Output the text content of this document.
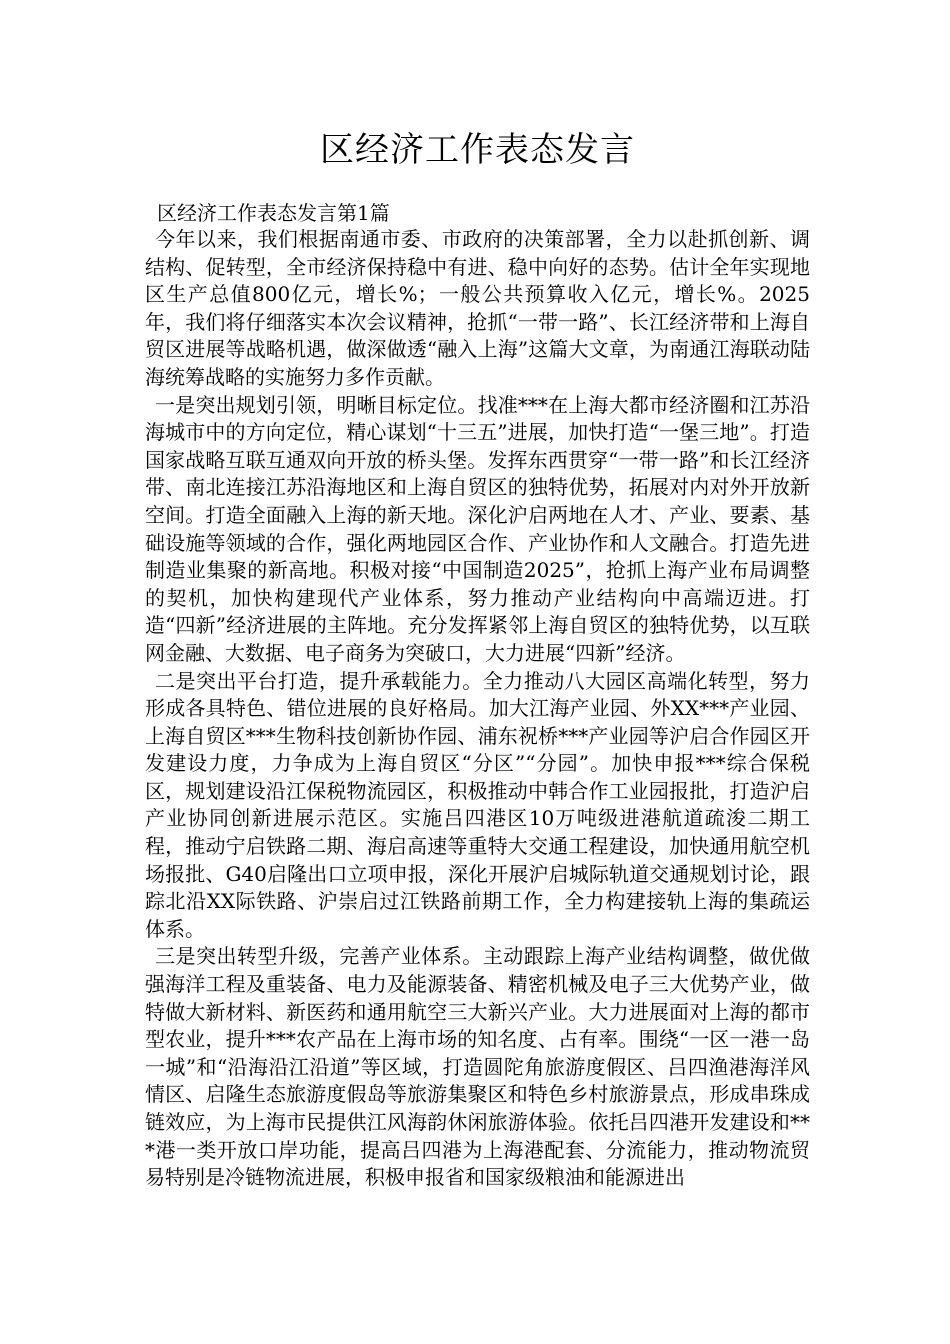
区经济工作表态发言

区经济工作表态发言第1篇

今年以来，我们根据南通市委、市政府的决策部署，全力以赴抓创新、调结构、促转型，全市经济保持稳中有进、稳中向好的态势。估计全年实现地区生产总值800亿元，增长%；一般公共预算收入亿元，增长%。2025年，我们将仔细落实本次会议精神，抢抓“一带一路”、长江经济带和上海自贸区进展等战略机遇，做深做透“融入上海”这篇大文章，为南通江海联动陆海统筹战略的实施努力多作贡献。

一是突出规划引领，明晰目标定位。找准***在上海大都市经济圈和江苏沿海城市中的方向定位，精心谋划“十三五”进展，加快打造“一堡三地”。打造国家战略互联互通双向开放的桥头堡。发挥东西贯穿“一带一路”和长江经济带、南北连接江苏沿海地区和上海自贸区的独特优势，拓展对内对外开放新空间。打造全面融入上海的新天地。深化沪启两地在人才、产业、要素、基础设施等领域的合作，强化两地园区合作、产业协作和人文融合。打造先进制造业集聚的新高地。积极对接“中国制造2025”，抢抓上海产业布局调整的契机，加快构建现代产业体系，努力推动产业结构向中高端迈进。打造“四新”经济进展的主阵地。充分发挥紧邻上海自贸区的独特优势，以互联网金融、大数据、电子商务为突破口，大力进展“四新”经济。

二是突出平台打造，提升承载能力。全力推动八大园区高端化转型，努力形成各具特色、错位进展的良好格局。加大江海产业园、外XX***产业园、上海自贸区***生物科技创新协作园、浦东祝桥***产业园等沪启合作园区开发建设力度，力争成为上海自贸区“分区”“分园”。加快申报***综合保税区，规划建设沿江保税物流园区，积极推动中韩合作工业园报批，打造沪启产业协同创新进展示范区。实施吕四港区10万吨级进港航道疏浚二期工程，推动宁启铁路二期、海启高速等重特大交通工程建设，加快通用航空机场报批、G40启隆出口立项申报，深化开展沪启城际轨道交通规划讨论，跟踪北沿XX际铁路、沪崇启过江铁路前期工作，全力构建接轨上海的集疏运体系。

三是突出转型升级，完善产业体系。主动跟踪上海产业结构调整，做优做强海洋工程及重装备、电力及能源装备、精密机械及电子三大优势产业，做特做大新材料、新医药和通用航空三大新兴产业。大力进展面对上海的都市型农业，提升***农产品在上海市场的知名度、占有率。围绕“一区一港一岛一城”和“沿海沿江沿道”等区域，打造圆陀角旅游度假区、吕四渔港海洋风情区、启隆生态旅游度假岛等旅游集聚区和特色乡村旅游景点，形成串珠成链效应，为上海市民提供江风海韵休闲旅游体验。依托吕四港开发建设和***港一类开放口岸功能，提高吕四港为上海港配套、分流能力，推动物流贸易特别是冷链物流进展，积极申报省和国家级粮油和能源进出
